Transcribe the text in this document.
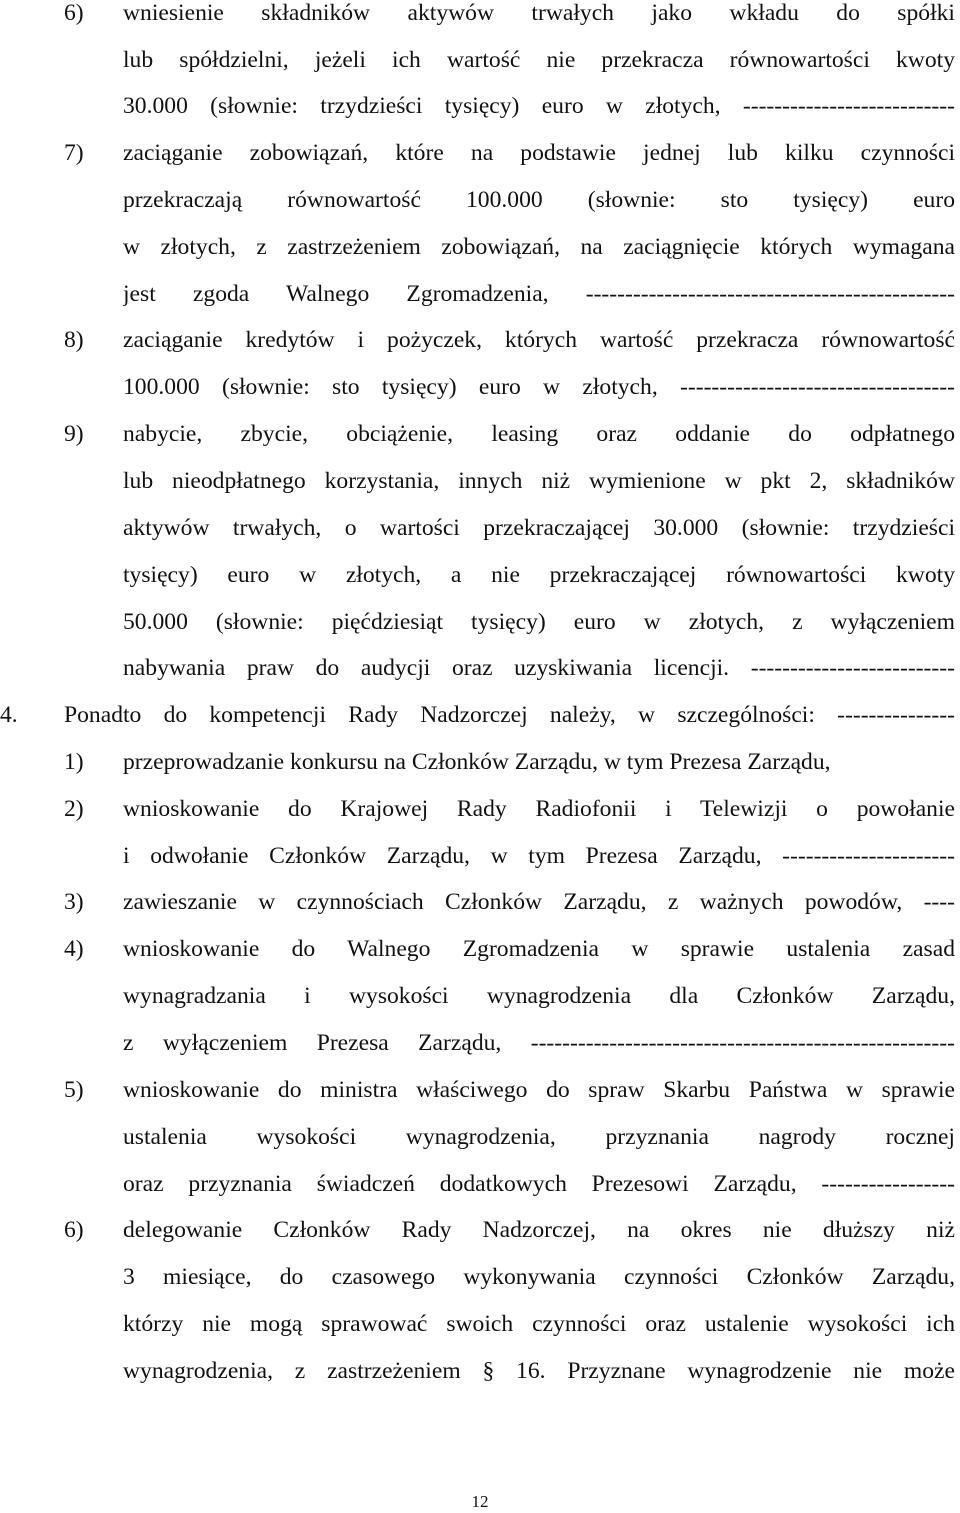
6) wniesienie składników aktywów trwałych jako wkładu do spółki
lub spółdzielni, jeżeli ich wartość nie przekracza równowartości kwoty
30.000 (słownie: trzydzieści tysięcy) euro w złotych, ---------------------------
7) zaciąganie zobowiązań, które na podstawie jednej lub kilku czynności
przekraczają równowartość 100.000 (słownie: sto tysięcy) euro
w złotych, z zastrzeżeniem zobowiązań, na zaciągnięcie których wymagana
jest zgoda Walnego Zgromadzenia, -----------------------------------------------
8) zaciąganie kredytów i pożyczek, których wartość przekracza równowartość
100.000 (słownie: sto tysięcy) euro w złotych, -----------------------------------
9) nabycie, zbycie, obciążenie, leasing oraz oddanie do odpłatnego
lub nieodpłatnego korzystania, innych niż wymienione w pkt 2, składników
aktywów trwałych, o wartości przekraczającej 30.000 (słownie: trzydzieści
tysięcy) euro w złotych, a nie przekraczającej równowartości kwoty
50.000 (słownie: pięćdziesiąt tysięcy) euro w złotych, z wyłączeniem
nabywania praw do audycji oraz uzyskiwania licencji. --------------------------
4. Ponadto do kompetencji Rady Nadzorczej należy, w szczególności: ---------------
1) przeprowadzanie konkursu na Członków Zarządu, w tym Prezesa Zarządu,
2) wnioskowanie do Krajowej Rady Radiofonii i Telewizji o powołanie
i odwołanie Członków Zarządu, w tym Prezesa Zarządu, ----------------------
3) zawieszanie w czynnościach Członków Zarządu, z ważnych powodów, ----
4) wnioskowanie do Walnego Zgromadzenia w sprawie ustalenia zasad
wynagradzania i wysokości wynagrodzenia dla Członków Zarządu,
z wyłączeniem Prezesa Zarządu, ------------------------------------------------------
5) wnioskowanie do ministra właściwego do spraw Skarbu Państwa w sprawie
ustalenia wysokości wynagrodzenia, przyznania nagrody rocznej
oraz przyznania świadczeń dodatkowych Prezesowi Zarządu, -----------------
6) delegowanie Członków Rady Nadzorczej, na okres nie dłuższy niż
3 miesiące, do czasowego wykonywania czynności Członków Zarządu,
którzy nie mogą sprawować swoich czynności oraz ustalenie wysokości ich
wynagrodzenia, z zastrzeżeniem § 16. Przyznane wynagrodzenie nie może
12
